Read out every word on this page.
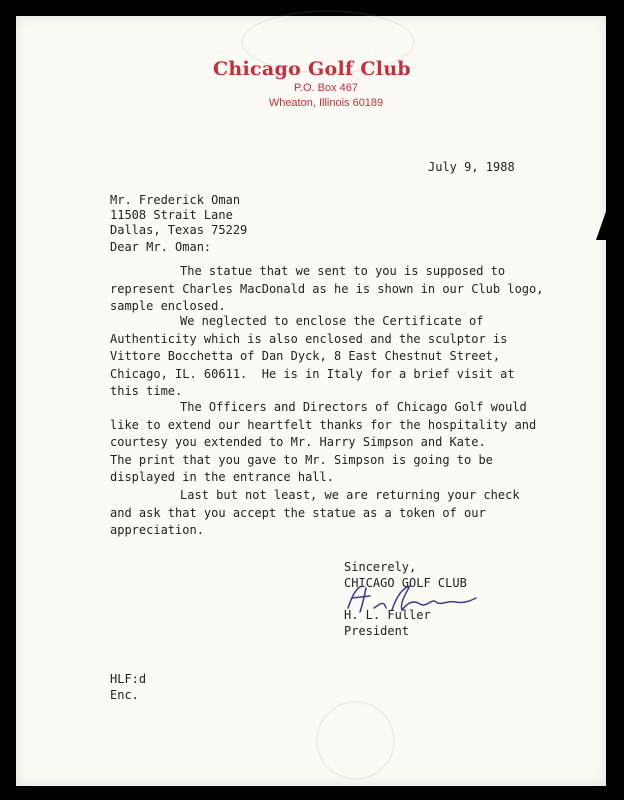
Chicago Golf Club
P.O. Box 467
Wheaton, Illinois 60189
July 9, 1988
Mr. Frederick Oman
11508 Strait Lane
Dallas, Texas 75229
Dear Mr. Oman:
The statue that we sent to you is supposed to
represent Charles MacDonald as he is shown in our Club logo,
sample enclosed.
We neglected to enclose the Certificate of
Authenticity which is also enclosed and the sculptor is
Vittore Bocchetta of Dan Dyck, 8 East Chestnut Street,
Chicago, IL. 60611.  He is in Italy for a brief visit at
this time.
The Officers and Directors of Chicago Golf would
like to extend our heartfelt thanks for the hospitality and
courtesy you extended to Mr. Harry Simpson and Kate.
The print that you gave to Mr. Simpson is going to be
displayed in the entrance hall.
Last but not least, we are returning your check
and ask that you accept the statue as a token of our
appreciation.
Sincerely,
CHICAGO GOLF CLUB
H. L. Fuller
President
HLF:d
Enc.
